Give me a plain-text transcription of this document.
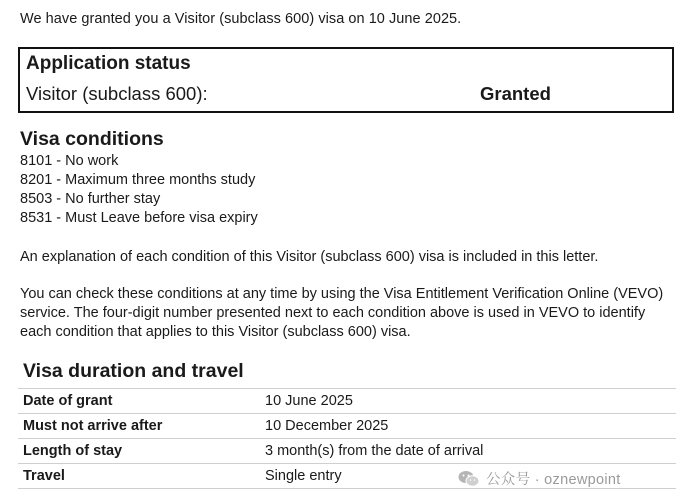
We have granted you a Visitor (subclass 600) visa on 10 June 2025.
Application status
Visitor (subclass 600):	Granted
Visa conditions
8101 - No work
8201 - Maximum three months study
8503 - No further stay
8531 - Must Leave before visa expiry

An explanation of each condition of this Visitor (subclass 600) visa is included in this letter.

You can check these conditions at any time by using the Visa Entitlement Verification Online (VEVO) service. The four-digit number presented next to each condition above is used in VEVO to identify each condition that applies to this Visitor (subclass 600) visa.

Visa duration and travel
Date of grant	10 June 2025
Must not arrive after	10 December 2025
Length of stay	3 month(s) from the date of arrival
Travel	Single entry	公众号 · oznewpoint
